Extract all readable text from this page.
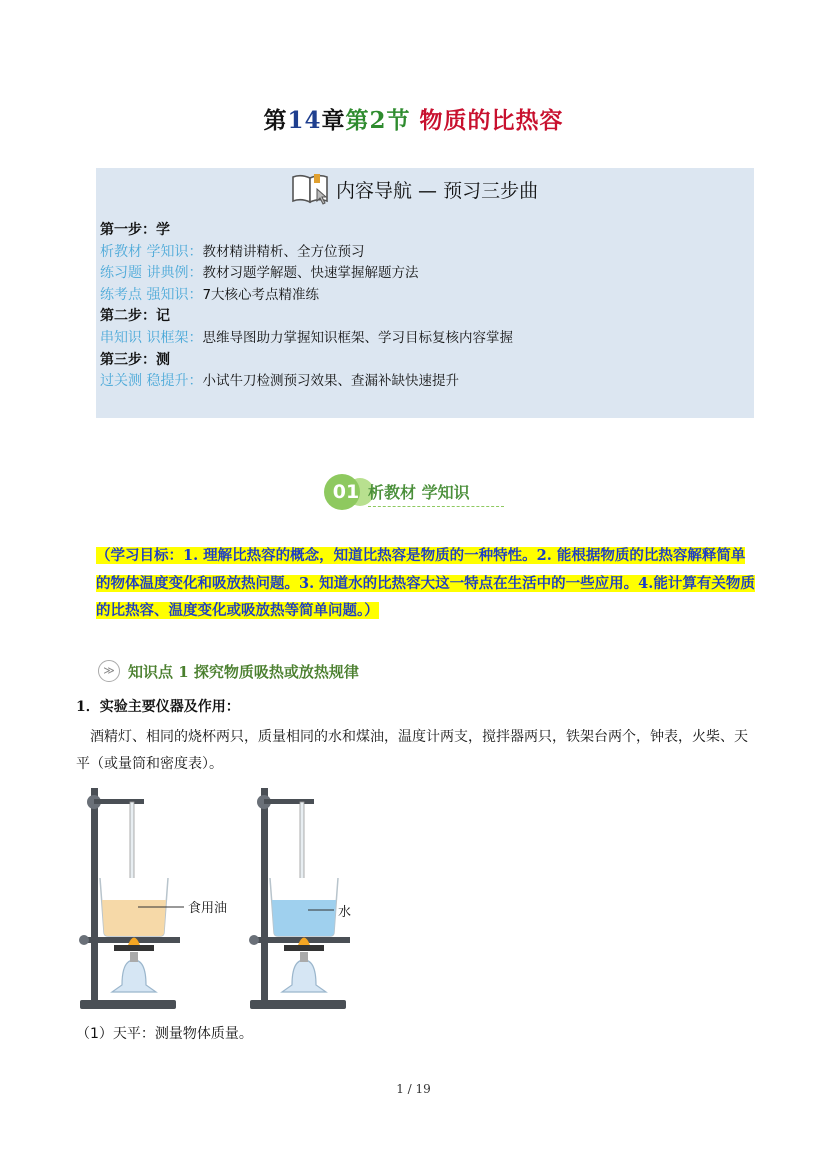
第14章第2节 物质的比热容
内容导航 — 预习三步曲
第一步：学
析教材 学知识：教材精讲精析、全方位预习
练习题 讲典例：教材习题学解题、快速掌握解题方法
练考点 强知识：7大核心考点精准练
第二步：记
串知识 识框架：思维导图助力掌握知识框架、学习目标复核内容掌握
第三步：测
过关测 稳提升：小试牛刀检测预习效果、查漏补缺快速提升
01 析教材 学知识
（学习目标：1. 理解比热容的概念，知道比热容是物质的一种特性。2. 能根据物质的比热容解释简单的物体温度变化和吸放热问题。3. 知道水的比热容大这一特点在生活中的一些应用。4.能计算有关物质的比热容、温度变化或吸放热等简单问题。）
≫ 知识点 1 探究物质吸热或放热规律
1．实验主要仪器及作用：
酒精灯、相同的烧杯两只，质量相同的水和煤油，温度计两支，搅拌器两只，铁架台两个，钟表，火柴、天平（或量筒和密度表）。
食用油	水
（1）天平：测量物体质量。
1 / 19
